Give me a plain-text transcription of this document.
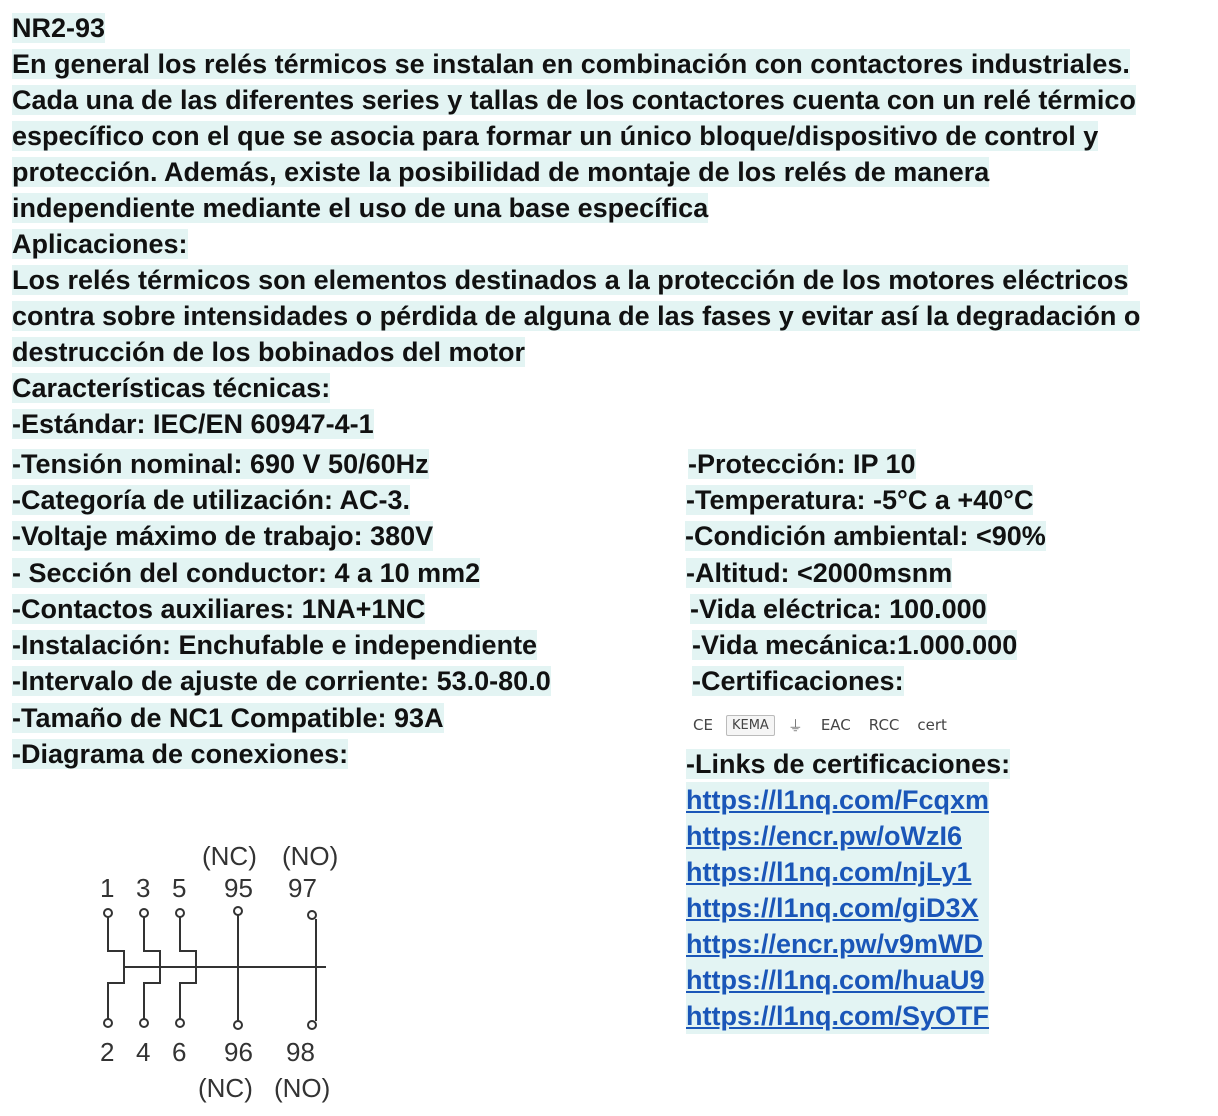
NR2-93
En general los relés térmicos se instalan en combinación con contactores industriales.
Cada una de las diferentes series y tallas de los contactores cuenta con un relé térmico
específico con el que se asocia para formar un único bloque/dispositivo de control y
protección. Además, existe la posibilidad de montaje de los relés de manera
independiente mediante el uso de una base específica
Aplicaciones:
Los relés térmicos son elementos destinados a la protección de los motores eléctricos
contra sobre intensidades o pérdida de alguna de las fases y evitar así la degradación o
destrucción de los bobinados del motor
Características técnicas:
-Estándar: IEC/EN 60947-4-1
-Tensión nominal: 690 V 50/60Hz
-Categoría de utilización: AC-3.
-Voltaje máximo de trabajo: 380V
- Sección del conductor: 4 a 10 mm2
-Contactos auxiliares: 1NA+1NC
-Instalación: Enchufable e independiente
-Intervalo de ajuste de corriente: 53.0-80.0
-Tamaño de NC1 Compatible: 93A
-Diagrama de conexiones:
-Protección: IP 10
-Temperatura: -5°C a +40°C
-Condición ambiental: <90%
-Altitud: <2000msnm
-Vida eléctrica: 100.000
-Vida mecánica:1.000.000
-Certificaciones:
CE	KEMA	⏚	EAC	RCC	cert
-Links de certificaciones:
https://l1nq.com/Fcqxm
https://encr.pw/oWzI6
https://l1nq.com/njLy1
https://l1nq.com/giD3X
https://encr.pw/v9mWD
https://l1nq.com/huaU9
https://l1nq.com/SyOTF
(NC) (NO)
1 3 5 95 97
2 4 6 96 98
(NC) (NO)
